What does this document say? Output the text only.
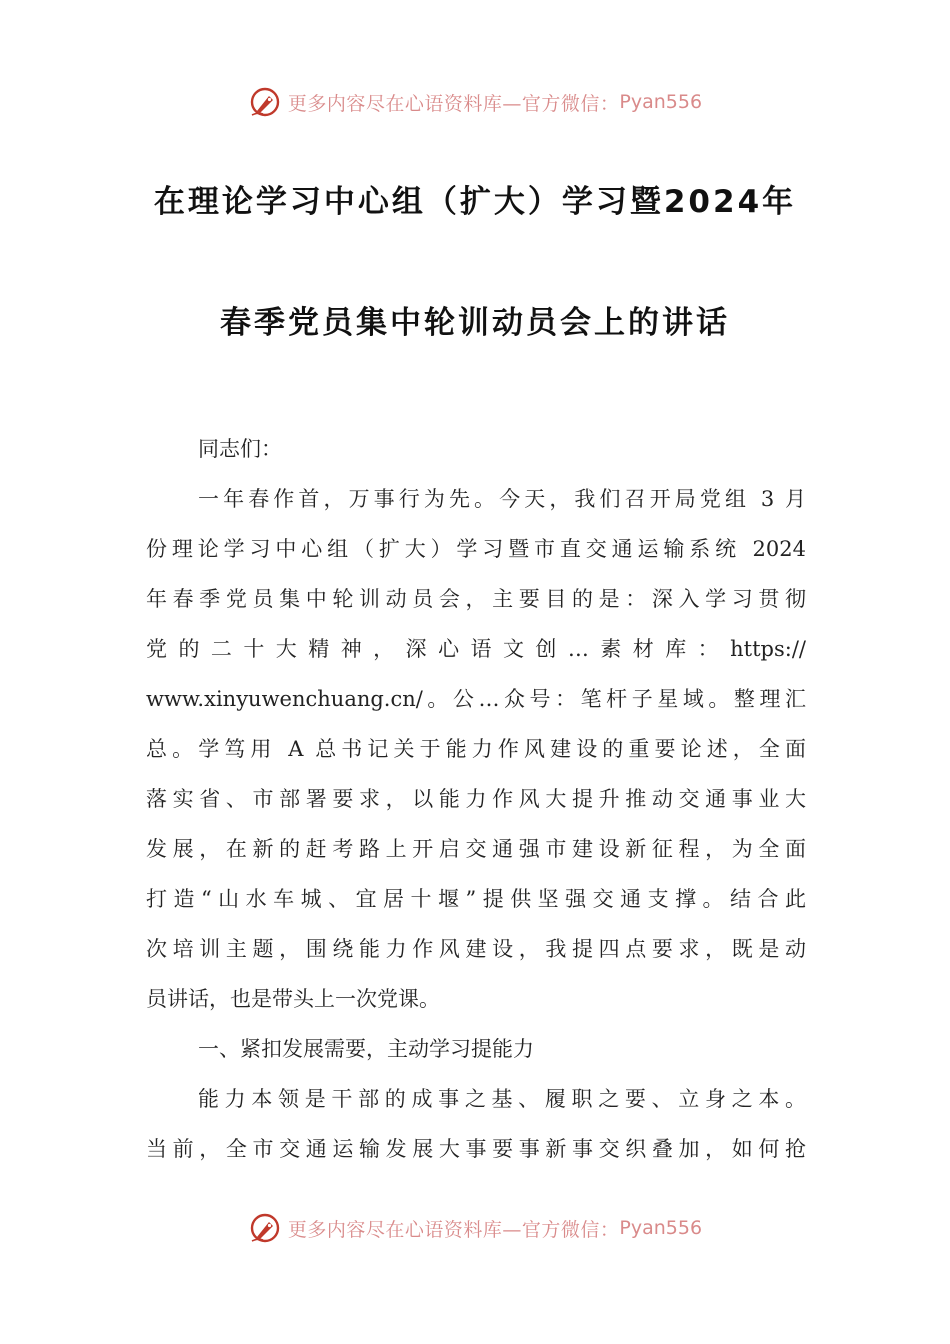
更多内容尽在心语资料库—官方微信： Pyan556
在理论学习中心组（扩大）学习暨2024年
春季党员集中轮训动员会上的讲话
同志们：
一年春作首，万事行为先。今天，我们召开局党组 3 月
份理论学习中心组（扩大）学习暨市直交通运输系统 2024
年春季党员集中轮训动员会，主要目的是：深入学习贯彻
党的二十大精神，深心语文创…素材库：https://
www.xinyuwenchuang.cn/。公…众号：笔杆子星域。整理汇
总。学笃用 A 总书记关于能力作风建设的重要论述，全面
落实省、市部署要求，以能力作风大提升推动交通事业大
发展，在新的赶考路上开启交通强市建设新征程，为全面
打造“山水车城、宜居十堰”提供坚强交通支撑。结合此
次培训主题，围绕能力作风建设，我提四点要求，既是动
员讲话，也是带头上一次党课。
一、紧扣发展需要，主动学习提能力
能力本领是干部的成事之基、履职之要、立身之本。
当前，全市交通运输发展大事要事新事交织叠加，如何抢
更多内容尽在心语资料库—官方微信： Pyan556
